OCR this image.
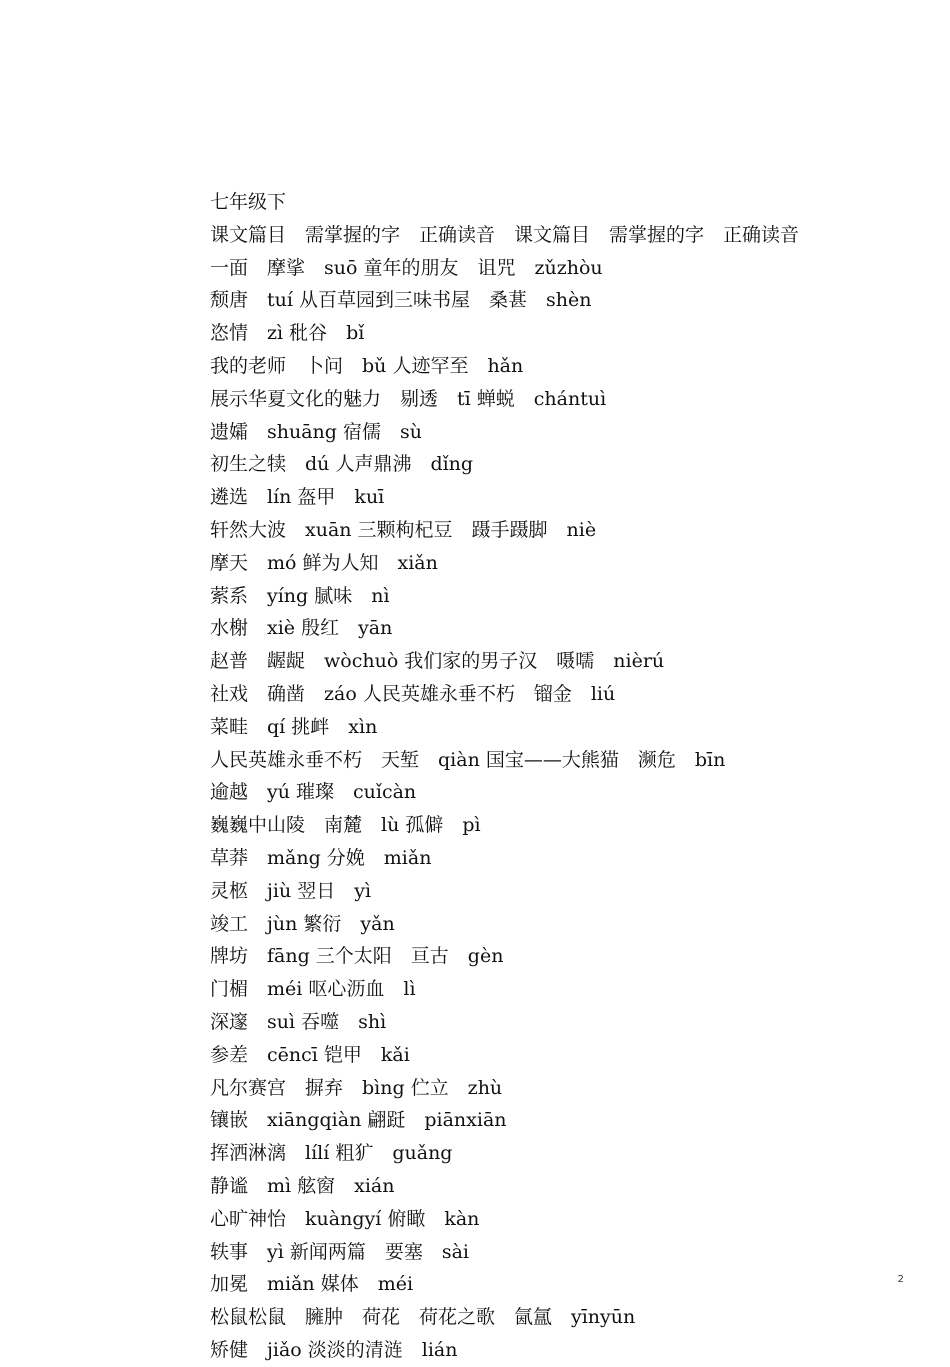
七年级下
课文篇目　需掌握的字　正确读音　课文篇目　需掌握的字　正确读音
一面　摩挲　suō 童年的朋友　诅咒　zǔzhòu
颓唐　tuí 从百草园到三味书屋　桑葚　shèn
恣情　zì 秕谷　bǐ
我的老师　卜问　bǔ 人迹罕至　hǎn
展示华夏文化的魅力　剔透　tī 蝉蜕　chántuì
遗孀　shuāng 宿儒　sù
初生之犊　dú 人声鼎沸　dǐng
遴选　lín 盔甲　kuī
轩然大波　xuān 三颗枸杞豆　蹑手蹑脚　niè
摩天　mó 鲜为人知　xiǎn
萦系　yíng 腻味　nì
水榭　xiè 殷红　yān
赵普　龌龊　wòchuò 我们家的男子汉　嗫嚅　nièrú
社戏　确凿　záo 人民英雄永垂不朽　镏金　liú
菜畦　qí 挑衅　xìn
人民英雄永垂不朽　天堑　qiàn 国宝——大熊猫　濒危　bīn
逾越　yú 璀璨　cuǐcàn
巍巍中山陵　南麓　lù 孤僻　pì
草莽　mǎng 分娩　miǎn
灵柩　jiù 翌日　yì
竣工　jùn 繁衍　yǎn
牌坊　fāng 三个太阳　亘古　gèn
门楣　méi 呕心沥血　lì
深邃　suì 吞噬　shì
参差　cēncī 铠甲　kǎi
凡尔赛宫　摒弃　bìng 伫立　zhù
镶嵌　xiāngqiàn 翩跹　piānxiān
挥洒淋漓　lílí 粗犷　guǎng
静谧　mì 舷窗　xián
心旷神怡　kuàngyí 俯瞰　kàn
轶事　yì 新闻两篇　要塞　sài
加冕　miǎn 媒体　méi
松鼠松鼠　臃肿　荷花　荷花之歌　氤氲　yīnyūn
矫健　jiǎo 淡淡的清涟　lián
2
